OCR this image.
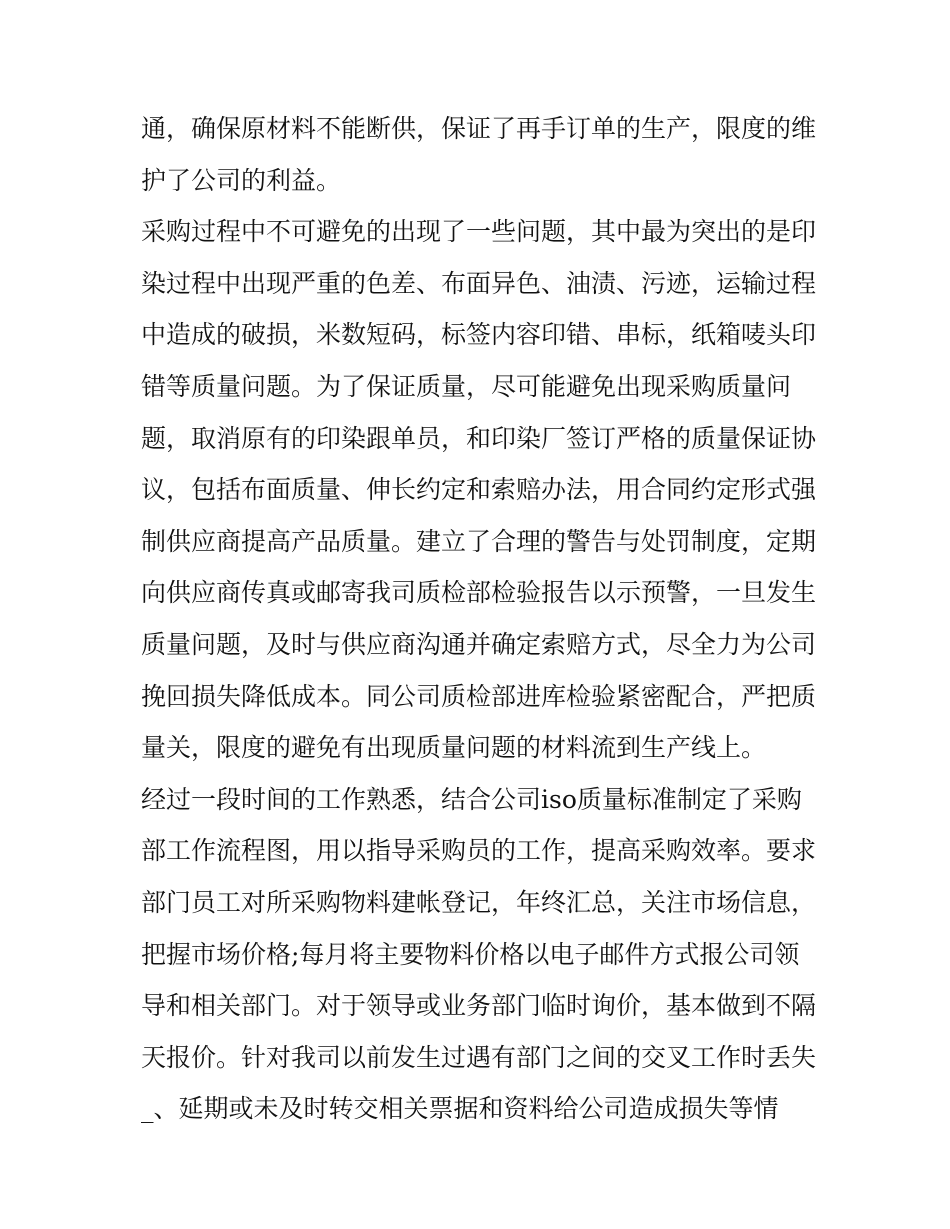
通，确保原材料不能断供，保证了再手订单的生产，限度的维
护了公司的利益。
采购过程中不可避免的出现了一些问题，其中最为突出的是印
染过程中出现严重的色差、布面异色、油渍、污迹，运输过程
中造成的破损，米数短码，标签内容印错、串标，纸箱唛头印
错等质量问题。为了保证质量，尽可能避免出现采购质量问
题，取消原有的印染跟单员，和印染厂签订严格的质量保证协
议，包括布面质量、伸长约定和索赔办法，用合同约定形式强
制供应商提高产品质量。建立了合理的警告与处罚制度，定期
向供应商传真或邮寄我司质检部检验报告以示预警，一旦发生
质量问题，及时与供应商沟通并确定索赔方式，尽全力为公司
挽回损失降低成本。同公司质检部进库检验紧密配合，严把质
量关，限度的避免有出现质量问题的材料流到生产线上。
经过一段时间的工作熟悉，结合公司iso质量标准制定了采购
部工作流程图，用以指导采购员的工作，提高采购效率。要求
部门员工对所采购物料建帐登记，年终汇总，关注市场信息，
把握市场价格;每月将主要物料价格以电子邮件方式报公司领
导和相关部门。对于领导或业务部门临时询价，基本做到不隔
天报价。针对我司以前发生过遇有部门之间的交叉工作时丢失
_、延期或未及时转交相关票据和资料给公司造成损失等情
